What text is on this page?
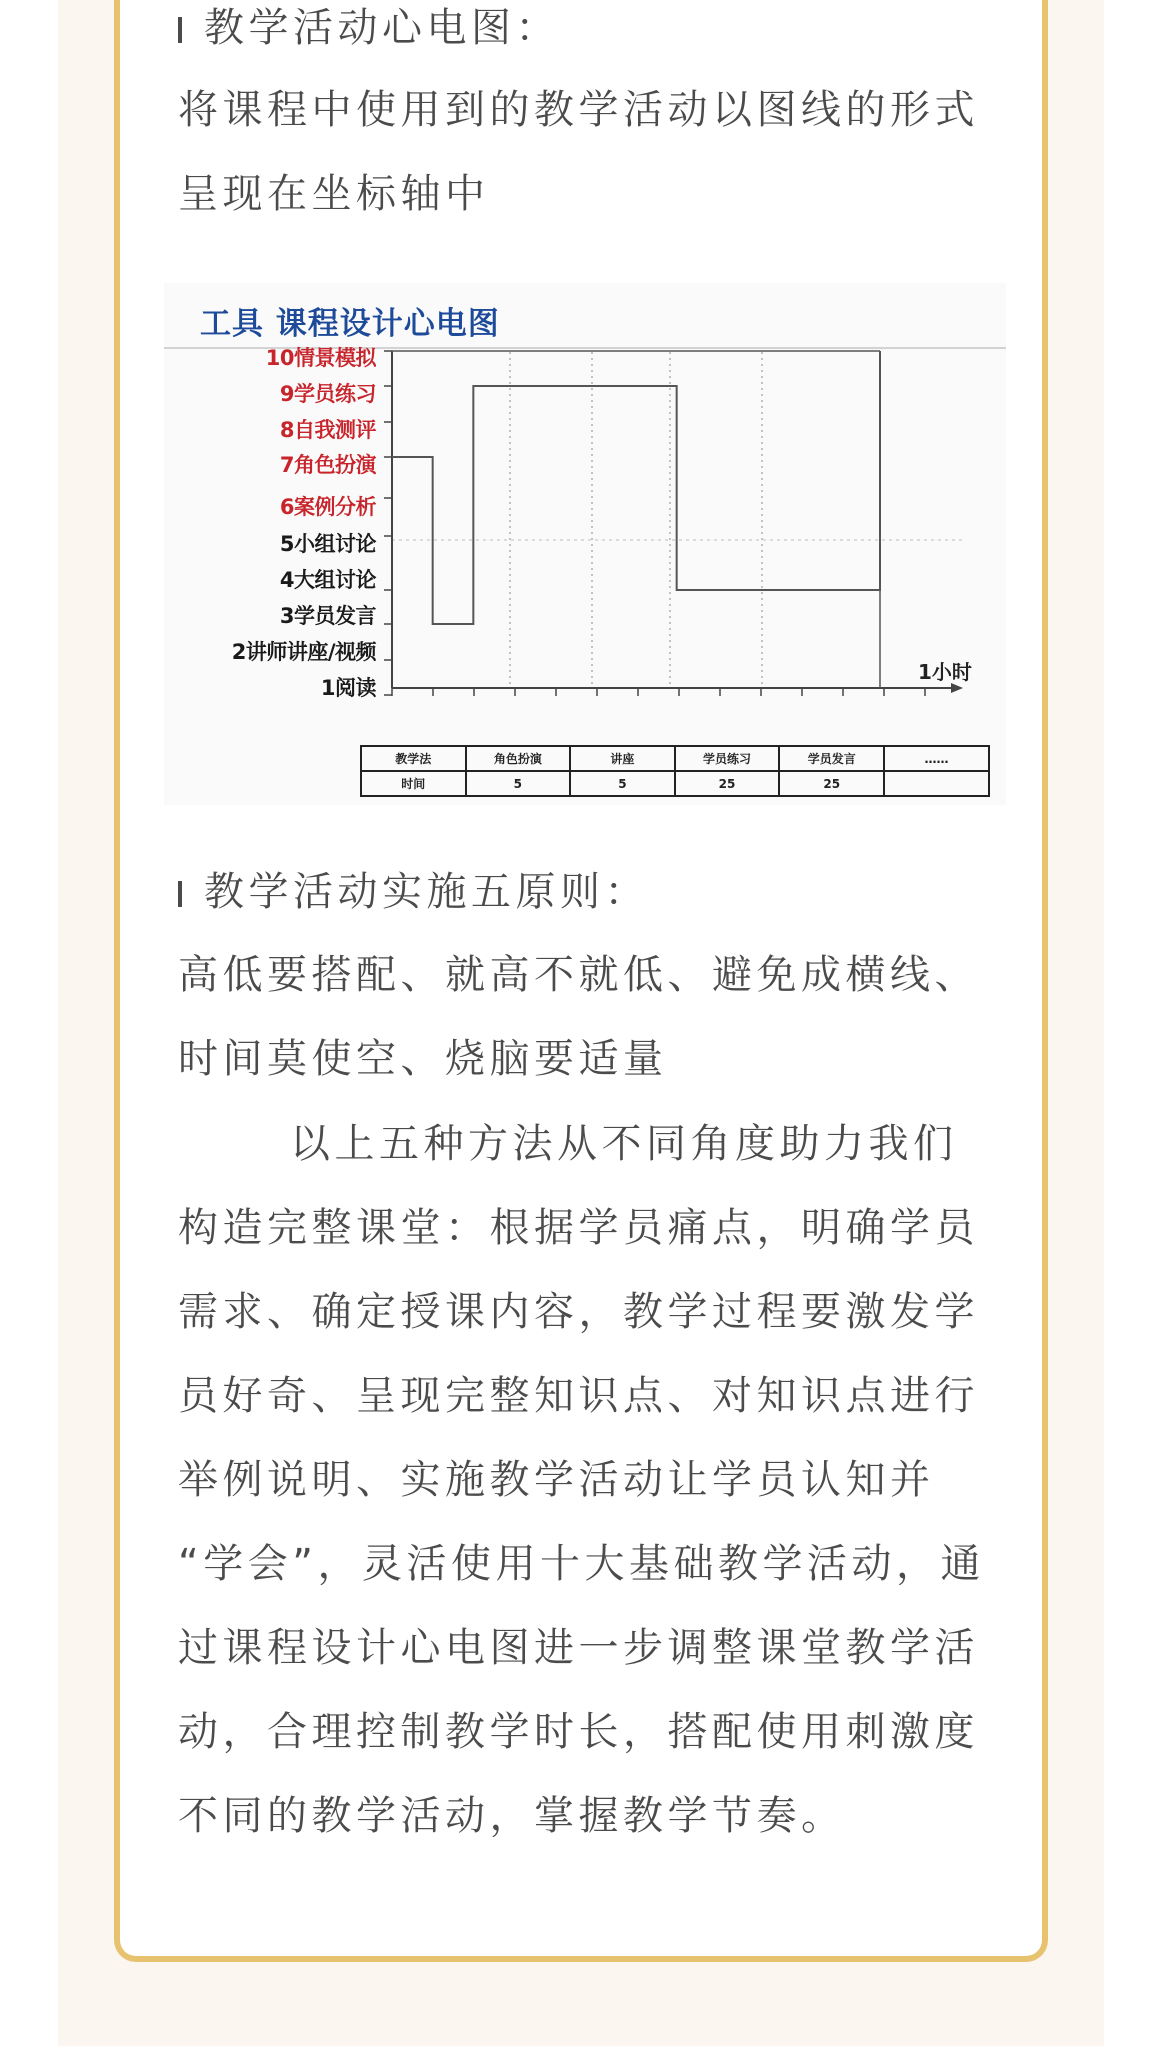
教学活动心电图：
将课程中使用到的教学活动以图线的形式
呈现在坐标轴中
工具 课程设计心电图
10情景模拟
9学员练习
8自我测评
7角色扮演
6案例分析
5小组讨论
4大组讨论
3学员发言
2讲师讲座/视频
1阅读
1小时
教学法	角色扮演	讲座	学员练习	学员发言	……
时间	5	5	25	25	
教学活动实施五原则：
高低要搭配、就高不就低、避免成横线、
时间莫使空、烧脑要适量
以上五种方法从不同角度助力我们
构造完整课堂：根据学员痛点，明确学员
需求、确定授课内容，教学过程要激发学
员好奇、呈现完整知识点、对知识点进行
举例说明、实施教学活动让学员认知并
“学会”，灵活使用十大基础教学活动，通
过课程设计心电图进一步调整课堂教学活
动，合理控制教学时长，搭配使用刺激度
不同的教学活动，掌握教学节奏。
